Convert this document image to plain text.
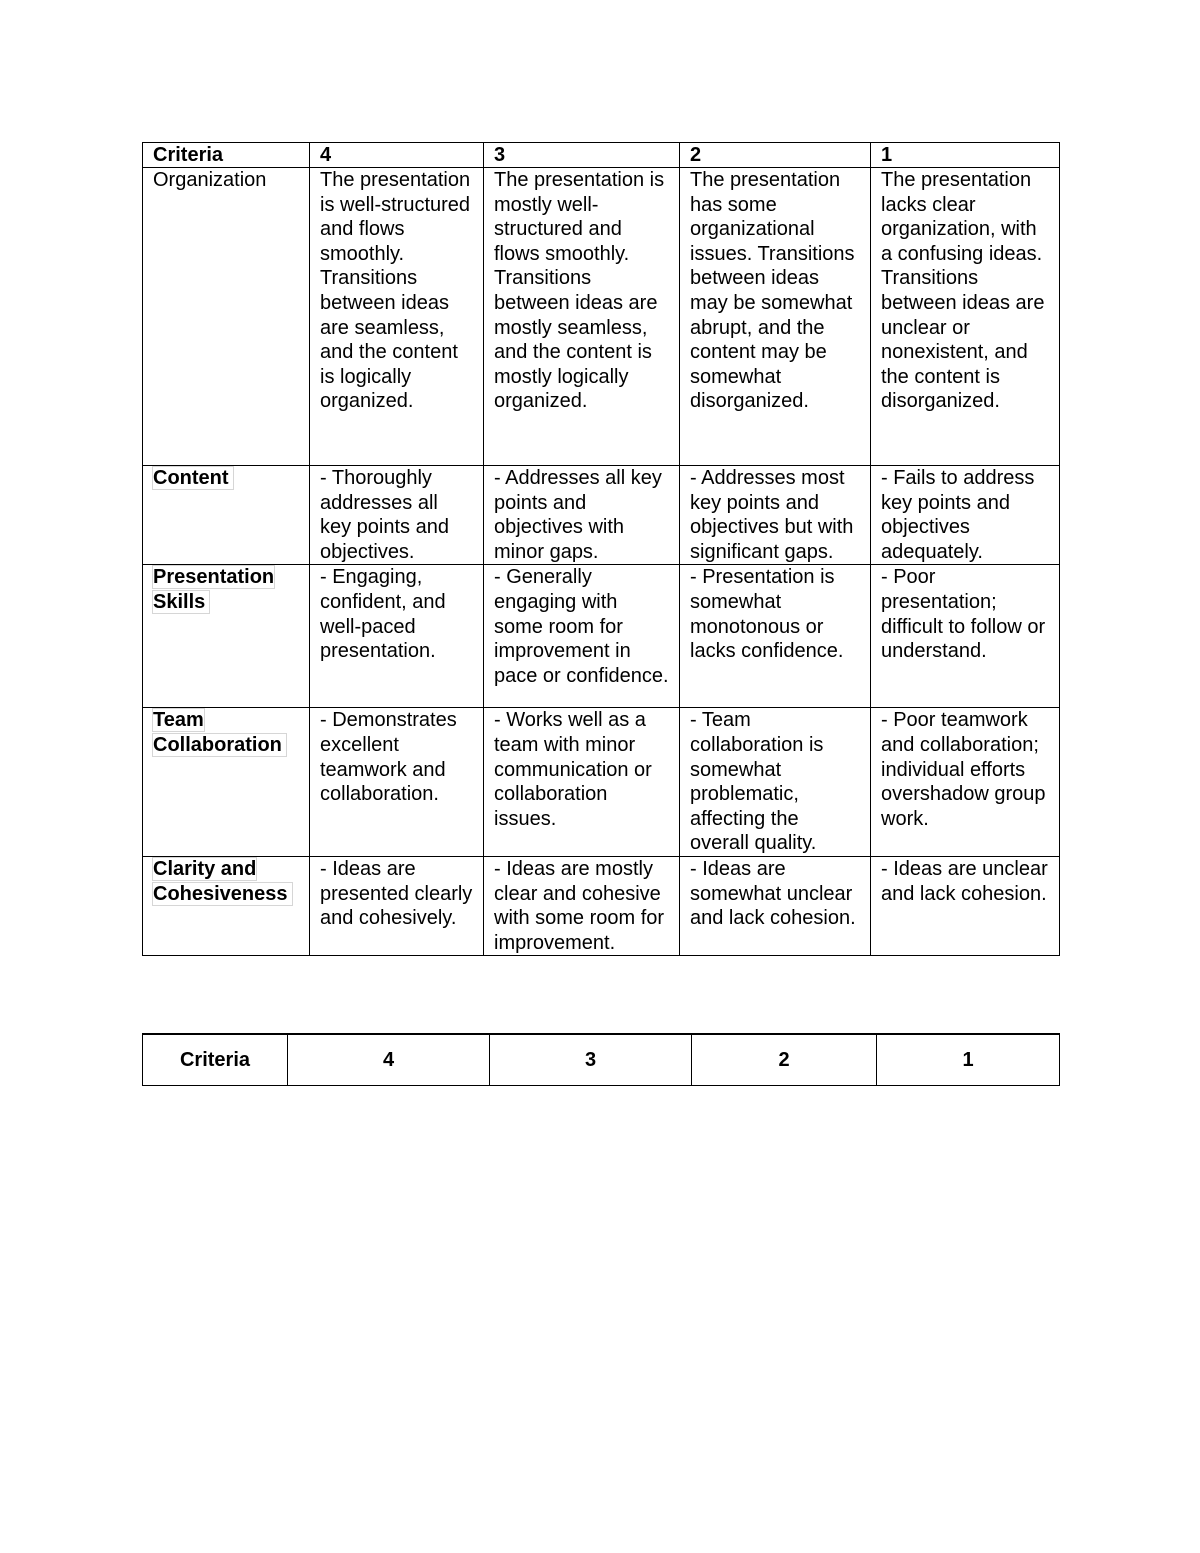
Criteria	4	3	2	1
Organization	The presentation is well-structured and flows smoothly. Transitions between ideas are seamless, and the content is logically organized.	The presentation is mostly well-structured and flows smoothly. Transitions between ideas are mostly seamless, and the content is mostly logically organized.	The presentation has some organizational issues. Transitions between ideas may be somewhat abrupt, and the content may be somewhat disorganized.	The presentation lacks clear organization, with a confusing ideas. Transitions between ideas are unclear or nonexistent, and the content is disorganized.
Content	- Thoroughly addresses all key points and objectives.	- Addresses all key points and objectives with minor gaps.	- Addresses most key points and objectives but with significant gaps.	- Fails to address key points and objectives adequately.
Presentation Skills	- Engaging, confident, and well-paced presentation.	- Generally engaging with some room for improvement in pace or confidence.	- Presentation is somewhat monotonous or lacks confidence.	- Poor presentation; difficult to follow or understand.
Team Collaboration	- Demonstrates excellent teamwork and collaboration.	- Works well as a team with minor communication or collaboration issues.	- Team collaboration is somewhat problematic, affecting the overall quality.	- Poor teamwork and collaboration; individual efforts overshadow group work.
Clarity and Cohesiveness	- Ideas are presented clearly and cohesively.	- Ideas are mostly clear and cohesive with some room for improvement.	- Ideas are somewhat unclear and lack cohesion.	- Ideas are unclear and lack cohesion.
Criteria	4	3	2	1
